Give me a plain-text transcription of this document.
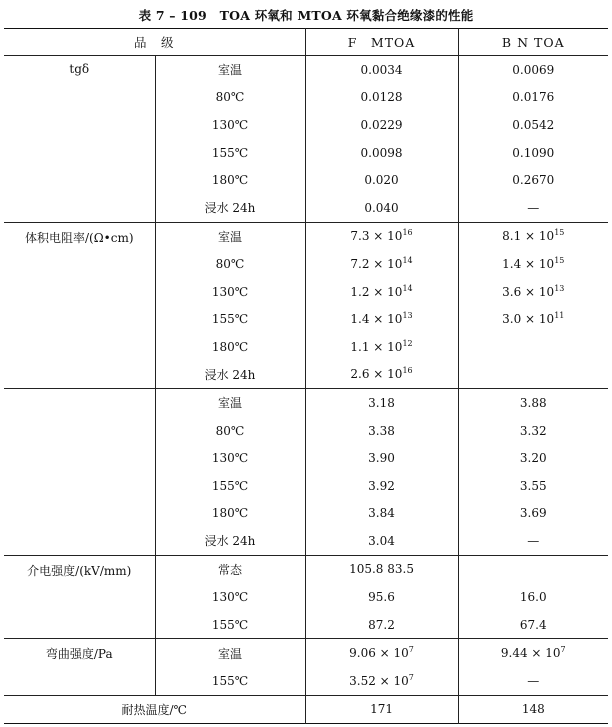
表 7 – 109　TOA 环氧和 MTOA 环氧黏合绝缘漆的性能
品　级		F　MTOA	B N TOA
tgδ	室温	0.0034	0.0069
	80℃	0.0128	0.0176
	130℃	0.0229	0.0542
	155℃	0.0098	0.1090
	180℃	0.020	0.2670
	浸水 24h	0.040	—
体积电阻率/(Ω•cm)	室温	$7.3 \times 10^{16}$	$8.1 \times 10^{15}$
	80℃	$7.2 \times 10^{14}$	$1.4 \times 10^{15}$
	130℃	$1.2 \times 10^{14}$	$3.6 \times 10^{13}$
	155℃	$1.4 \times 10^{13}$	$3.0 \times 10^{11}$
	180℃	$1.1 \times 10^{12}$	
	浸水 24h	$2.6 \times 10^{16}$	
	室温	3.18	3.88
	80℃	3.38	3.32
	130℃	3.90	3.20
	155℃	3.92	3.55
	180℃	3.84	3.69
	浸水 24h	3.04	—
介电强度/(kV/mm)	常态	105.8 83.5	
	130℃	95.6	16.0
	155℃	87.2	67.4
弯曲强度/Pa	室温	$9.06 \times 10^7$	$9.44 \times 10^7$
	155℃	$3.52 \times 10^7$	—
耐热温度/℃		171	148
